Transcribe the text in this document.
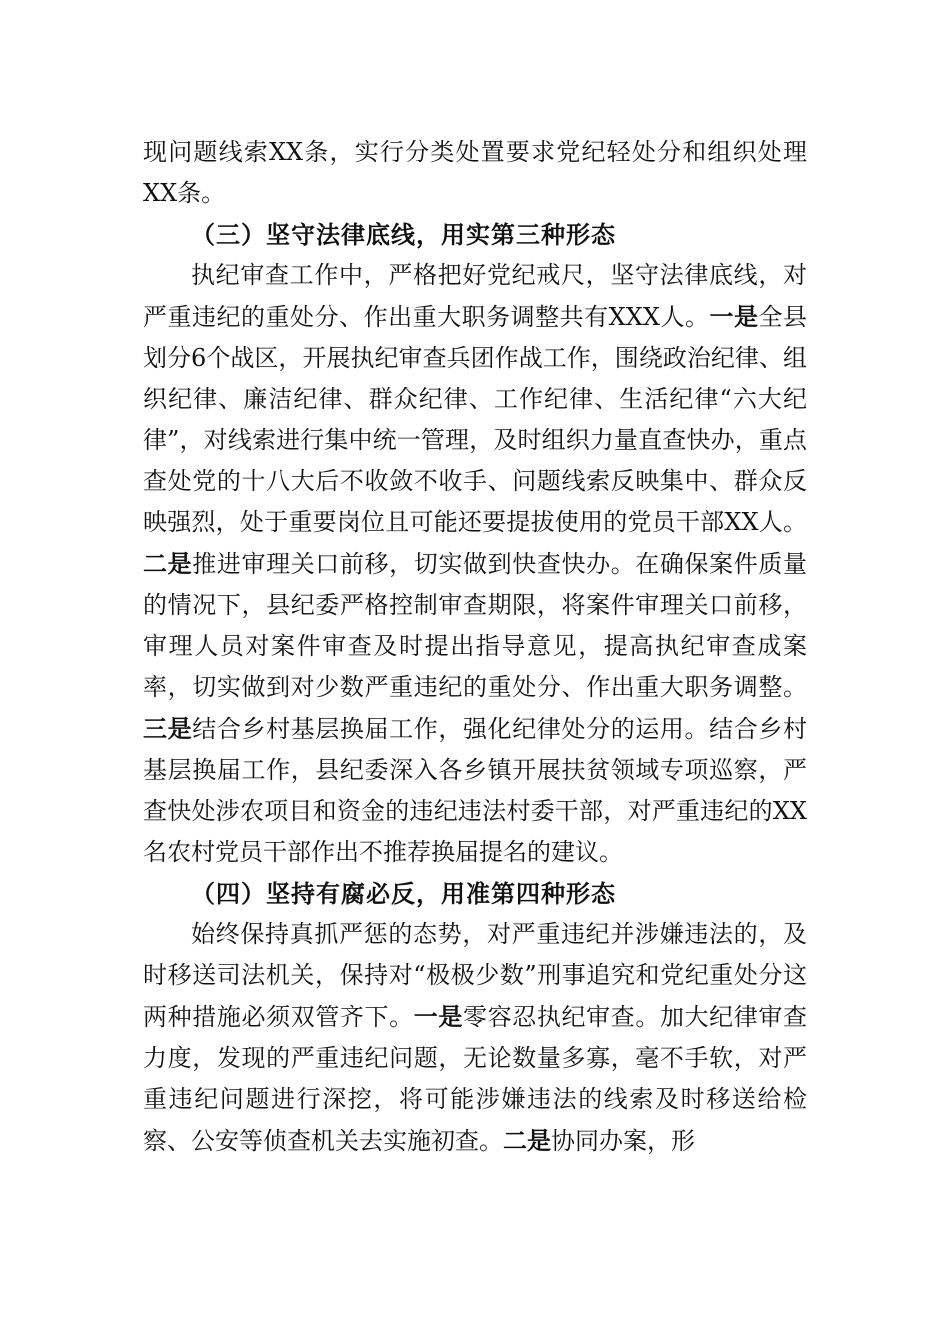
现问题线索XX条，实行分类处置要求党纪轻处分和组织处理XX条。

（三）坚守法律底线，用实第三种形态

执纪审查工作中，严格把好党纪戒尺，坚守法律底线，对严重违纪的重处分、作出重大职务调整共有XXX人。一是全县划分6个战区，开展执纪审查兵团作战工作，围绕政治纪律、组织纪律、廉洁纪律、群众纪律、工作纪律、生活纪律“六大纪律”，对线索进行集中统一管理，及时组织力量直查快办，重点查处党的十八大后不收敛不收手、问题线索反映集中、群众反映强烈，处于重要岗位且可能还要提拔使用的党员干部XX人。二是推进审理关口前移，切实做到快查快办。在确保案件质量的情况下，县纪委严格控制审查期限，将案件审理关口前移，审理人员对案件审查及时提出指导意见，提高执纪审查成案率，切实做到对少数严重违纪的重处分、作出重大职务调整。三是结合乡村基层换届工作，强化纪律处分的运用。结合乡村基层换届工作，县纪委深入各乡镇开展扶贫领域专项巡察，严查快处涉农项目和资金的违纪违法村委干部，对严重违纪的XX名农村党员干部作出不推荐换届提名的建议。

（四）坚持有腐必反，用准第四种形态

始终保持真抓严惩的态势，对严重违纪并涉嫌违法的，及时移送司法机关，保持对“极极少数”刑事追究和党纪重处分这两种措施必须双管齐下。一是零容忍执纪审查。加大纪律审查力度，发现的严重违纪问题，无论数量多寡，毫不手软，对严重违纪问题进行深挖，将可能涉嫌违法的线索及时移送给检察、公安等侦查机关去实施初查。二是协同办案，形
